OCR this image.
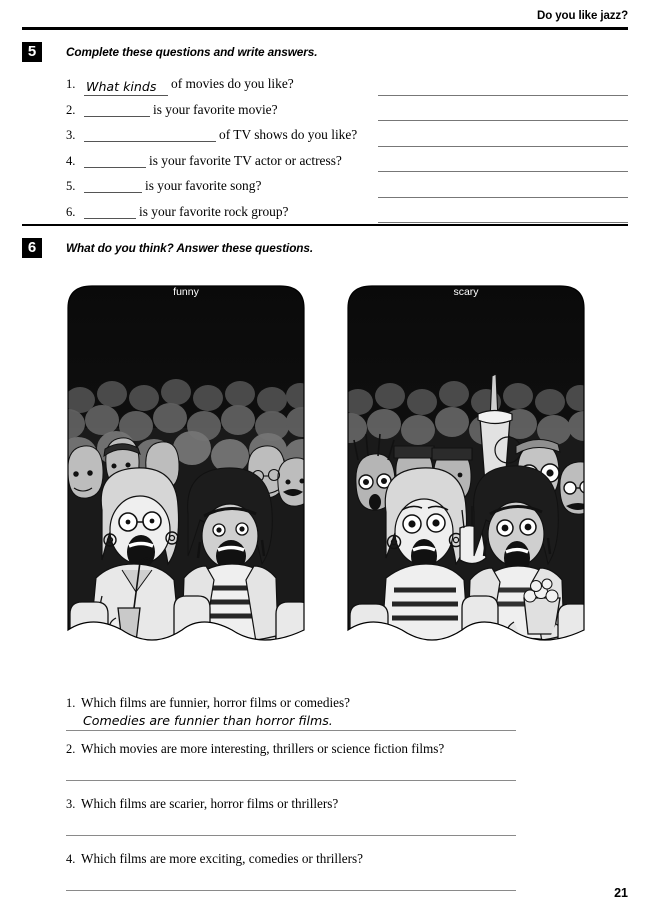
Do you like jazz?
5	Complete these questions and write answers.
1. What kinds of movies do you like?
2.	is your favorite movie?
3.	of TV shows do you like?
4.	is your favorite TV actor or actress?
5.	is your favorite song?
6.	is your favorite rock group?
6	What do you think? Answer these questions.
funny	scary
1. Which films are funnier, horror films or comedies?
Comedies are funnier than horror films.
2. Which movies are more interesting, thrillers or science fiction films?
3. Which films are scarier, horror films or thrillers?
4. Which films are more exciting, comedies or thrillers?
21
